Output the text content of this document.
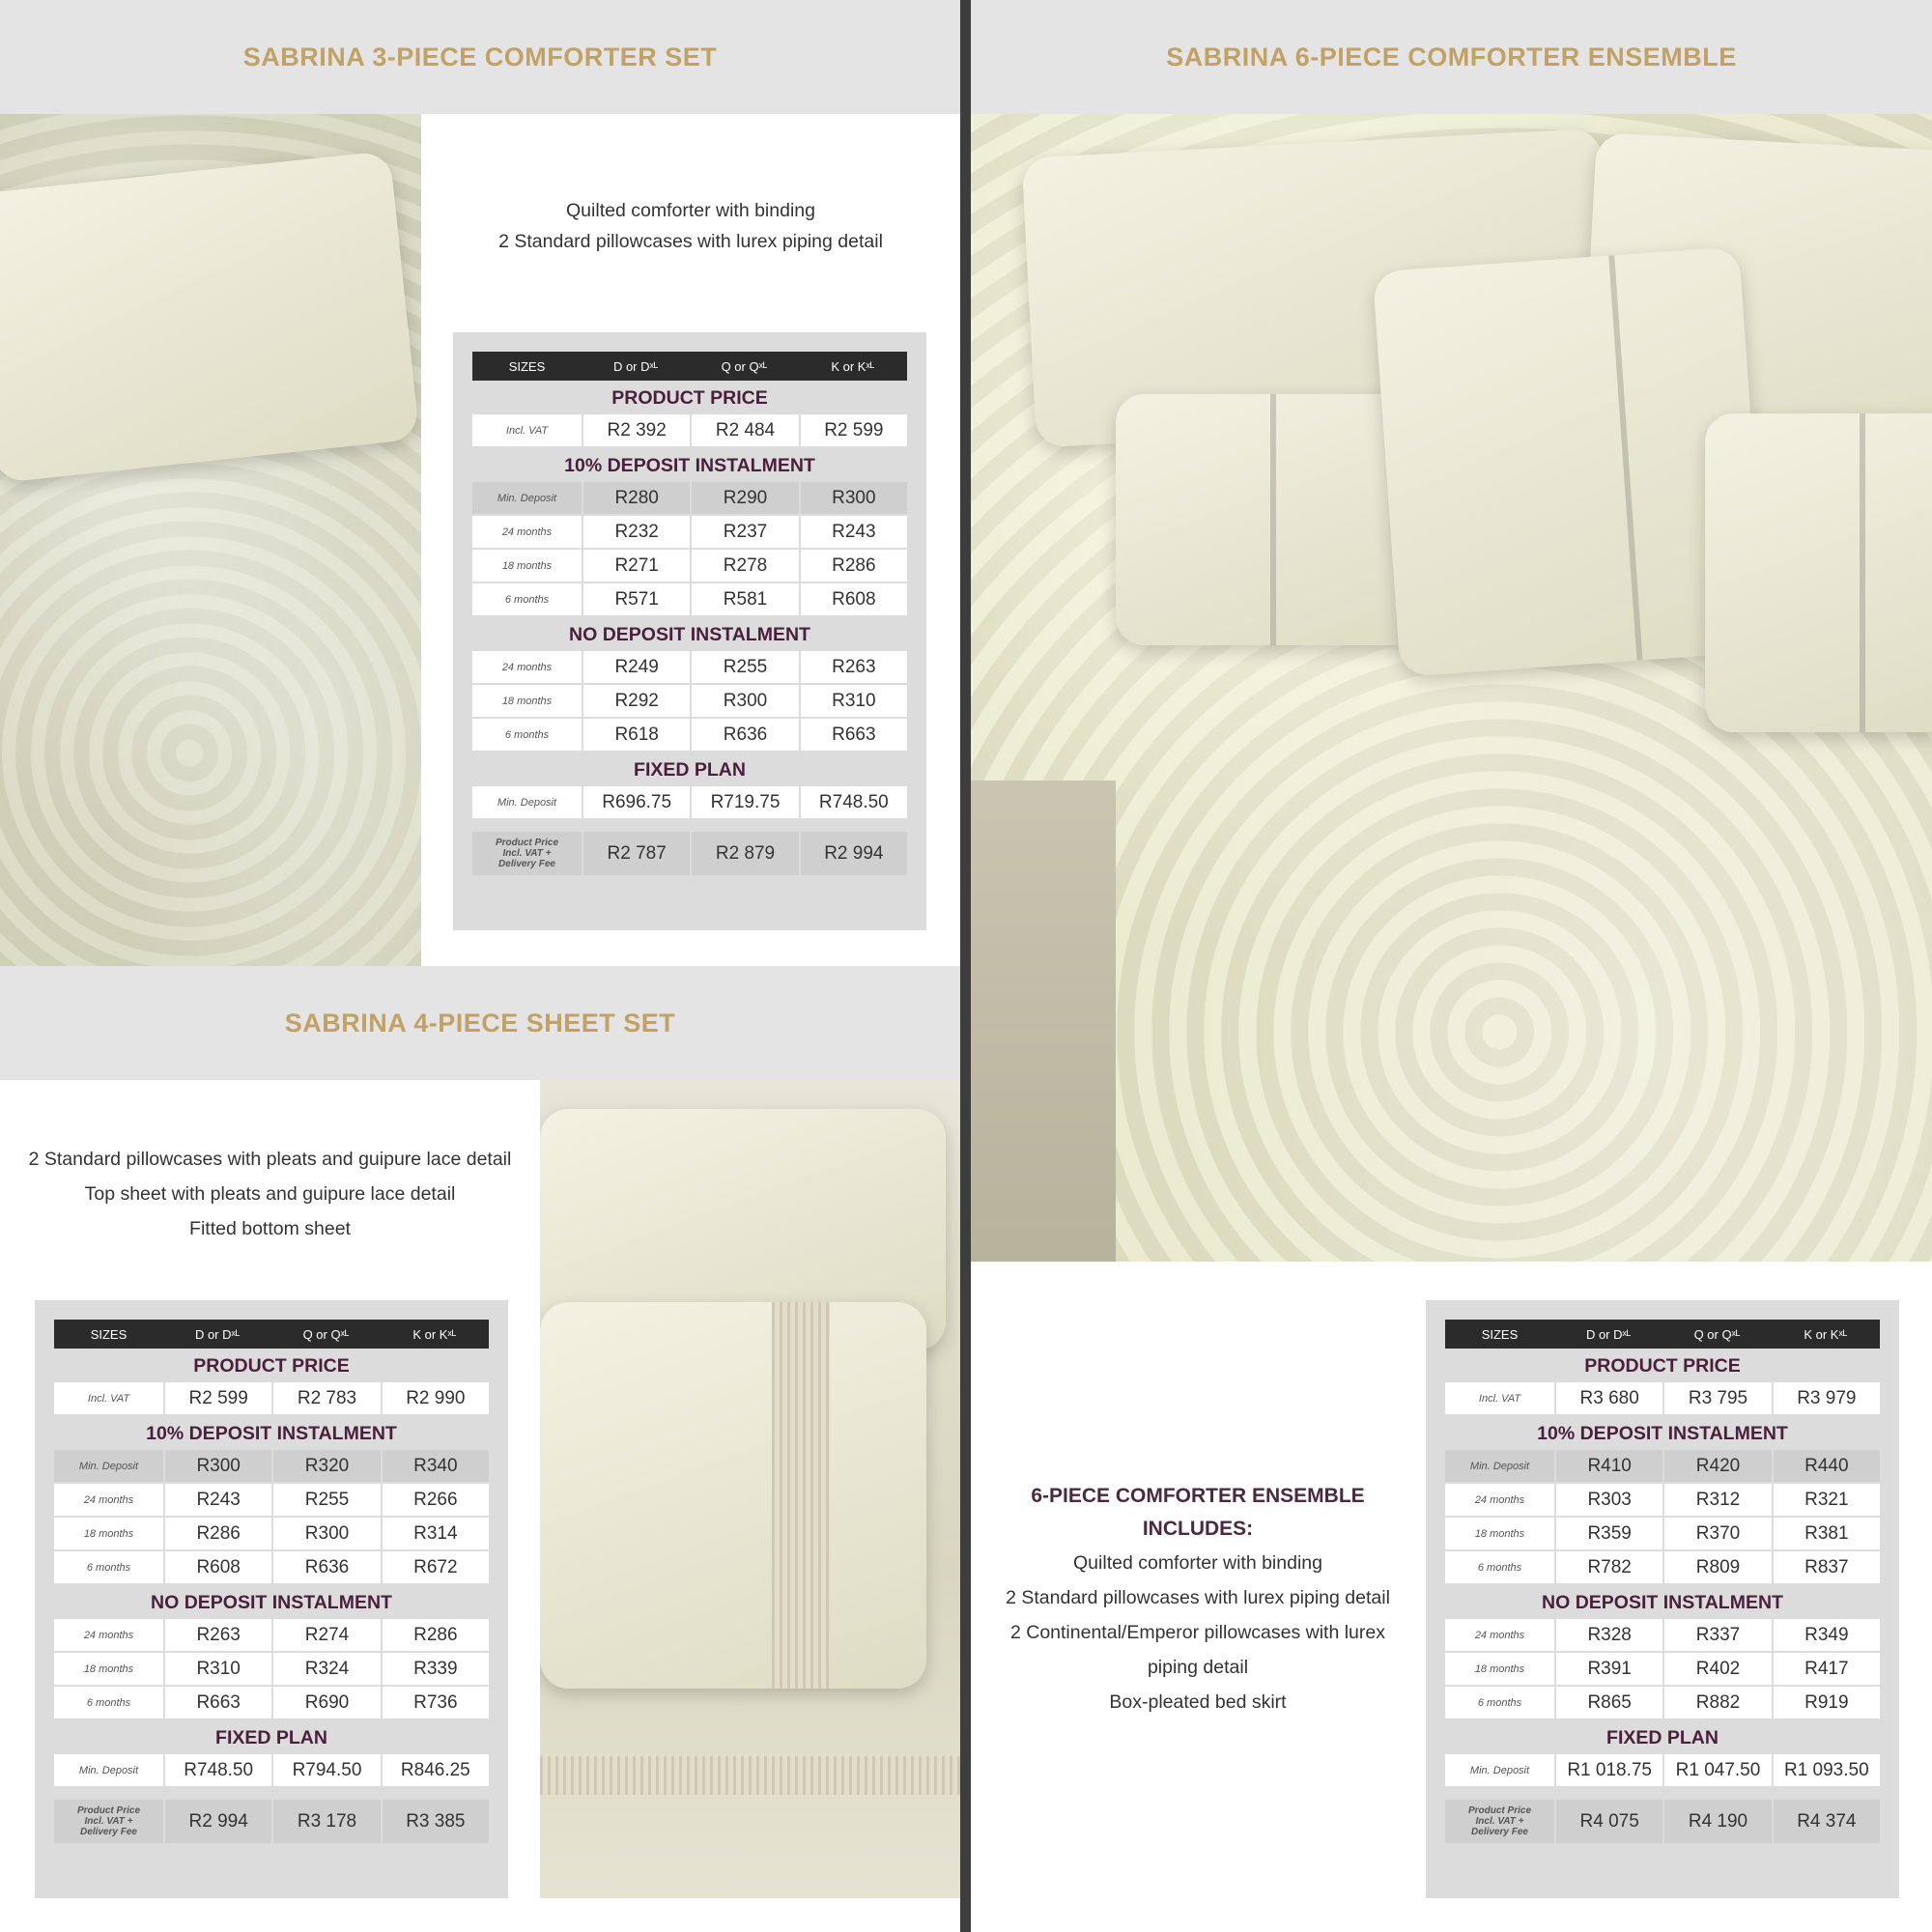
SABRINA 3-PIECE COMFORTER SET	SABRINA 6-PIECE COMFORTER ENSEMBLE
SABRINA 4-PIECE SHEET SET
Quilted comforter with binding
2 Standard pillowcases with lurex piping detail
2 Standard pillowcases with pleats and guipure lace detail
Top sheet with pleats and guipure lace detail
Fitted bottom sheet
6-PIECE COMFORTER ENSEMBLE
INCLUDES:
Quilted comforter with binding
2 Standard pillowcases with lurex piping detail
2 Continental/Emperor pillowcases with lurex
piping detail
Box-pleated bed skirt
SIZES	D or Dˣᴸ	Q or Qˣᴸ	K or Kˣᴸ
PRODUCT PRICE
Incl. VAT	R2 392	R2 484	R2 599
10% DEPOSIT INSTALMENT
Min. Deposit	R280	R290	R300
24 months	R232	R237	R243
18 months	R271	R278	R286
6 months	R571	R581	R608
NO DEPOSIT INSTALMENT
24 months	R249	R255	R263
18 months	R292	R300	R310
6 months	R618	R636	R663
FIXED PLAN
Min. Deposit	R696.75	R719.75	R748.50
Product Price
Incl. VAT +
Delivery Fee
R2 787	R2 879	R2 994
SIZES	D or Dˣᴸ	Q or Qˣᴸ	K or Kˣᴸ
PRODUCT PRICE
Incl. VAT	R2 599	R2 783	R2 990
10% DEPOSIT INSTALMENT
Min. Deposit	R300	R320	R340
24 months	R243	R255	R266
18 months	R286	R300	R314
6 months	R608	R636	R672
NO DEPOSIT INSTALMENT
24 months	R263	R274	R286
18 months	R310	R324	R339
6 months	R663	R690	R736
FIXED PLAN
Min. Deposit	R748.50	R794.50	R846.25
Product Price
Incl. VAT +
Delivery Fee
R2 994	R3 178	R3 385
SIZES	D or Dˣᴸ	Q or Qˣᴸ	K or Kˣᴸ
PRODUCT PRICE
Incl. VAT	R3 680	R3 795	R3 979
10% DEPOSIT INSTALMENT
Min. Deposit	R410	R420	R440
24 months	R303	R312	R321
18 months	R359	R370	R381
6 months	R782	R809	R837
NO DEPOSIT INSTALMENT
24 months	R328	R337	R349
18 months	R391	R402	R417
6 months	R865	R882	R919
FIXED PLAN
Min. Deposit	R1 018.75	R1 047.50	R1 093.50
Product Price
Incl. VAT +
Delivery Fee
R4 075	R4 190	R4 374
